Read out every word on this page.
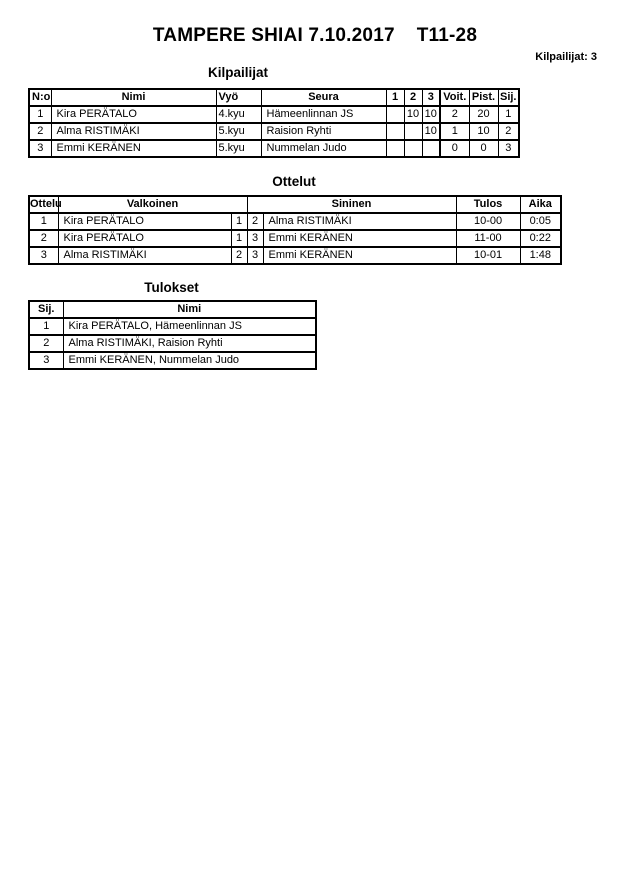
TAMPERE SHIAI 7.10.2017 T11-28
Kilpailijat: 3
Kilpailijat
N:o	Nimi	Vyö	Seura	1	2	3	Voit.	Pist.	Sij.
1	Kira PERÄTALO	4.kyu	Hämeenlinnan JS		10	10	2	20	1
2	Alma RISTIMÄKI	5.kyu	Raision Ryhti			10	1	10	2
3	Emmi KERÄNEN	5.kyu	Nummelan Judo				0	0	3
Ottelut
Ottelu	Valkoinen		Sininen		Tulos	Aika
1	Kira PERÄTALO	1	2	Alma RISTIMÄKI	10-00	0:05
2	Kira PERÄTALO	1	3	Emmi KERÄNEN	11-00	0:22
3	Alma RISTIMÄKI	2	3	Emmi KERÄNEN	10-01	1:48
Tulokset
Sij.	Nimi
1	Kira PERÄTALO, Hämeenlinnan JS
2	Alma RISTIMÄKI, Raision Ryhti
3	Emmi KERÄNEN, Nummelan Judo
